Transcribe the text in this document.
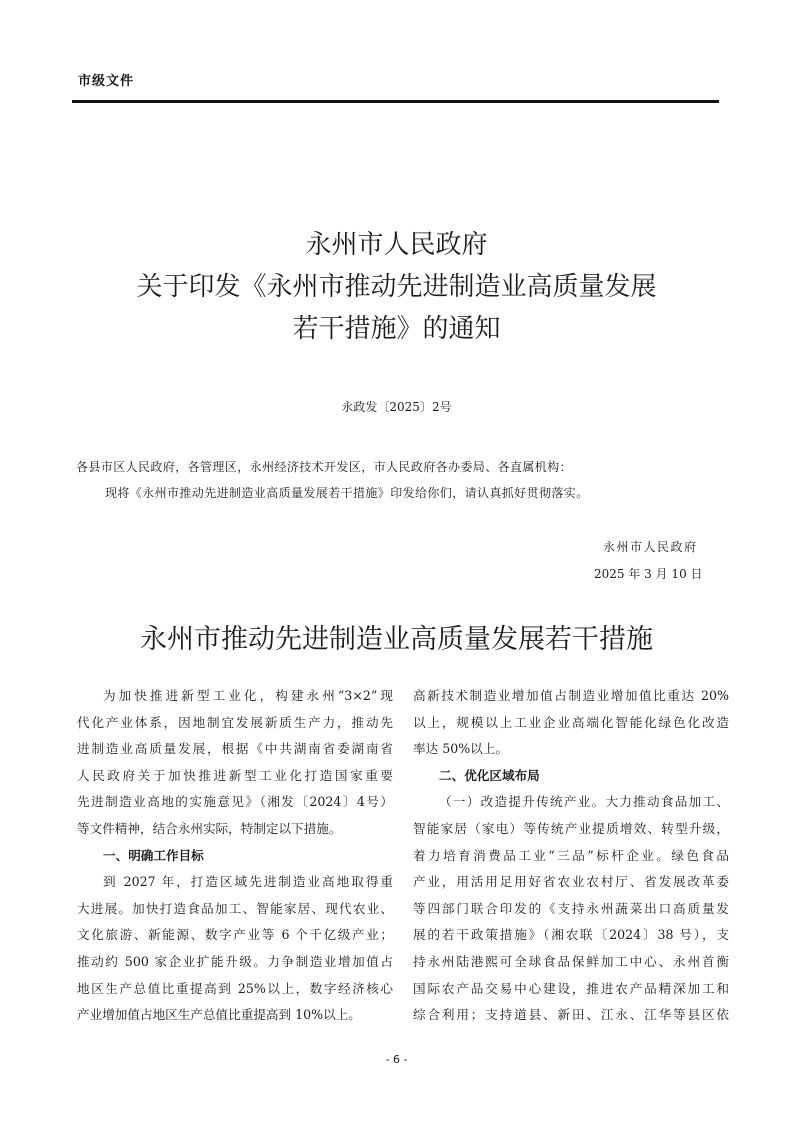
市级文件
永州市人民政府
关于印发《永州市推动先进制造业高质量发展
若干措施》的通知
永政发〔2025〕2号
各县市区人民政府，各管理区，永州经济技术开发区，市人民政府各办委局、各直属机构：
现将《永州市推动先进制造业高质量发展若干措施》印发给你们，请认真抓好贯彻落实。
永州市人民政府
2025 年 3 月 10 日
永州市推动先进制造业高质量发展若干措施
为加快推进新型工业化，构建永州“3×2”现
代化产业体系，因地制宜发展新质生产力，推动先
进制造业高质量发展，根据《中共湖南省委湖南省
人民政府关于加快推进新型工业化打造国家重要
先进制造业高地的实施意见》（湘发〔2024〕4号）
等文件精神，结合永州实际，特制定以下措施。
一、明确工作目标
到 2027 年，打造区域先进制造业高地取得重
大进展。加快打造食品加工、智能家居、现代农业、
文化旅游、新能源、数字产业等 6 个千亿级产业；
推动约 500 家企业扩能升级。力争制造业增加值占
地区生产总值比重提高到 25%以上，数字经济核心
产业增加值占地区生产总值比重提高到 10%以上。
高新技术制造业增加值占制造业增加值比重达 20%
以上，规模以上工业企业高端化智能化绿色化改造
率达 50%以上。
二、优化区域布局
（一）改造提升传统产业。大力推动食品加工、
智能家居（家电）等传统产业提质增效、转型升级，
着力培育消费品工业“三品”标杆企业。绿色食品
产业，用活用足用好省农业农村厅、省发展改革委
等四部门联合印发的《支持永州蔬菜出口高质量发
展的若干政策措施》（湘农联〔2024〕38 号），支
持永州陆港熙可全球食品保鲜加工中心、永州首衡
国际农产品交易中心建设，推进农产品精深加工和
综合利用；支持道县、新田、江永、江华等县区依
- 6 -
